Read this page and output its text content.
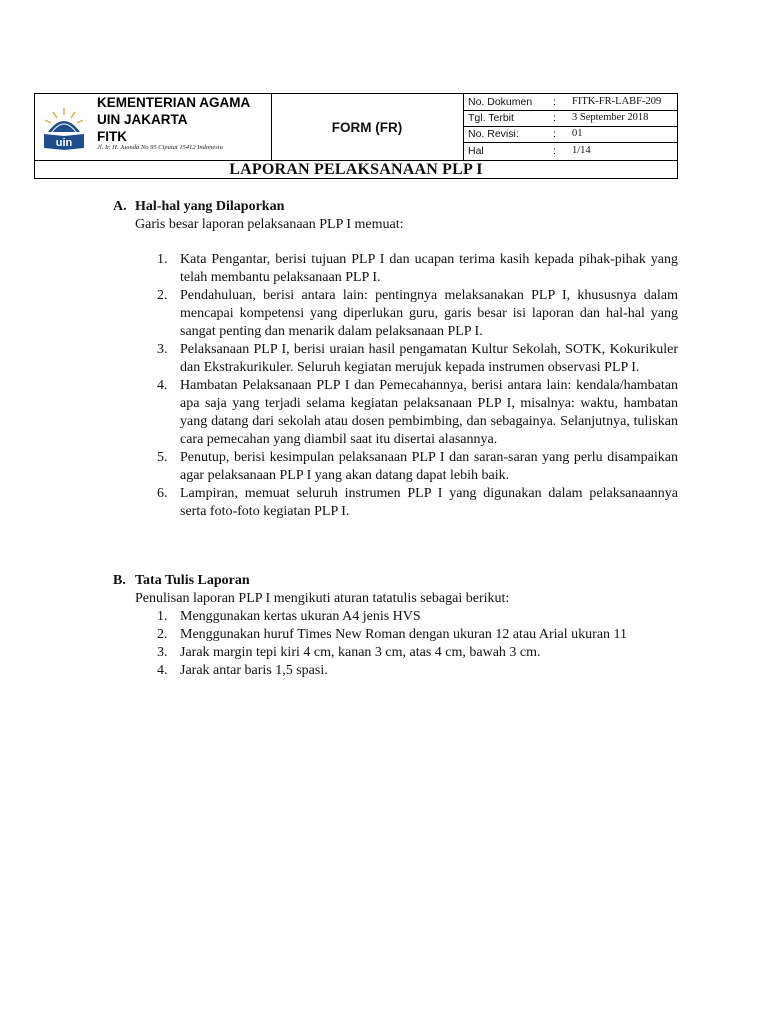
uin
KEMENTERIAN AGAMA
UIN JAKARTA
FITK
Jl. Ir. H. Juanda No 95 Ciputat 15412 Indonesia
FORM (FR)
No. Dokumen : FITK-FR-LABF-209
Tgl. Terbit	: 3 September 2018
No. Revisi:	: 01
Hal	: 1/14
LAPORAN PELAKSANAAN PLP I
A. Hal-hal yang Dilaporkan
Garis besar laporan pelaksanaan PLP I memuat:
1. Kata Pengantar, berisi tujuan PLP I dan ucapan terima kasih kepada pihak-pihak yang telah membantu pelaksanaan PLP I.
2. Pendahuluan, berisi antara lain: pentingnya melaksanakan PLP I, khususnya dalam mencapai kompetensi yang diperlukan guru, garis besar isi laporan dan hal-hal yang sangat penting dan menarik dalam pelaksanaan PLP I.
3. Pelaksanaan PLP I, berisi uraian hasil pengamatan Kultur Sekolah, SOTK, Kokurikuler dan Ekstrakurikuler. Seluruh kegiatan merujuk kepada instrumen observasi PLP I.
4. Hambatan Pelaksanaan PLP I dan Pemecahannya, berisi antara lain: kendala/hambatan apa saja yang terjadi selama kegiatan pelaksanaan PLP I, misalnya: waktu, hambatan yang datang dari sekolah atau dosen pembimbing, dan sebagainya. Selanjutnya, tuliskan cara pemecahan yang diambil saat itu disertai alasannya.
5. Penutup, berisi kesimpulan pelaksanaan PLP I dan saran-saran yang perlu disampaikan agar pelaksanaan PLP I yang akan datang dapat lebih baik.
6. Lampiran, memuat seluruh instrumen PLP I yang digunakan dalam pelaksanaannya serta foto-foto kegiatan PLP I.
B. Tata Tulis Laporan
Penulisan laporan PLP I mengikuti aturan tatatulis sebagai berikut:
1. Menggunakan kertas ukuran A4 jenis HVS
2. Menggunakan huruf Times New Roman dengan ukuran 12 atau Arial ukuran 11
3. Jarak margin tepi kiri 4 cm, kanan 3 cm, atas 4 cm, bawah 3 cm.
4. Jarak antar baris 1,5 spasi.
